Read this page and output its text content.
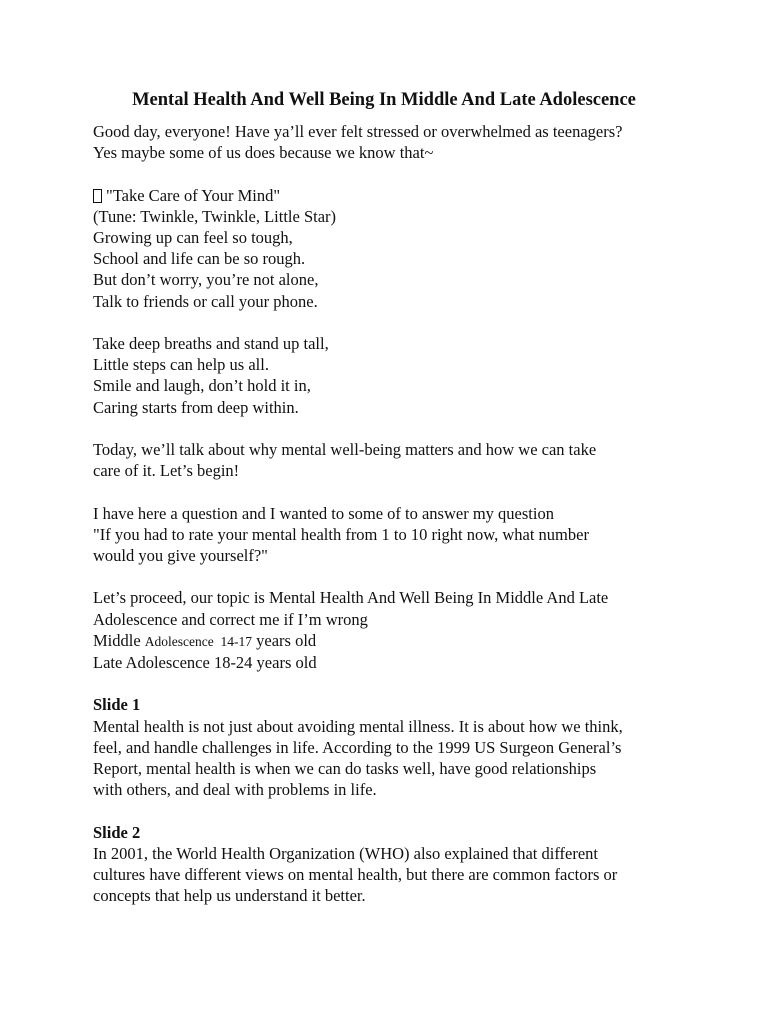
Mental Health And Well Being In Middle And Late Adolescence

Good day, everyone! Have ya’ll ever felt stressed or overwhelmed as teenagers?
Yes maybe some of us does because we know that~

"Take Care of Your Mind"
(Tune: Twinkle, Twinkle, Little Star)
Growing up can feel so tough,
School and life can be so rough.
But don’t worry, you’re not alone,
Talk to friends or call your phone.

Take deep breaths and stand up tall,
Little steps can help us all.
Smile and laugh, don’t hold it in,
Caring starts from deep within.

Today, we’ll talk about why mental well-being matters and how we can take
care of it. Let’s begin!

I have here a question and I wanted to some of to answer my question
"If you had to rate your mental health from 1 to 10 right now, what number
would you give yourself?"

Let’s proceed, our topic is Mental Health And Well Being In Middle And Late
Adolescence and correct me if I’m wrong
Middle Adolescence  14-17 years old
Late Adolescence 18-24 years old

Slide 1
Mental health is not just about avoiding mental illness. It is about how we think,
feel, and handle challenges in life. According to the 1999 US Surgeon General’s
Report, mental health is when we can do tasks well, have good relationships
with others, and deal with problems in life.

Slide 2
In 2001, the World Health Organization (WHO) also explained that different
cultures have different views on mental health, but there are common factors or
concepts that help us understand it better.
